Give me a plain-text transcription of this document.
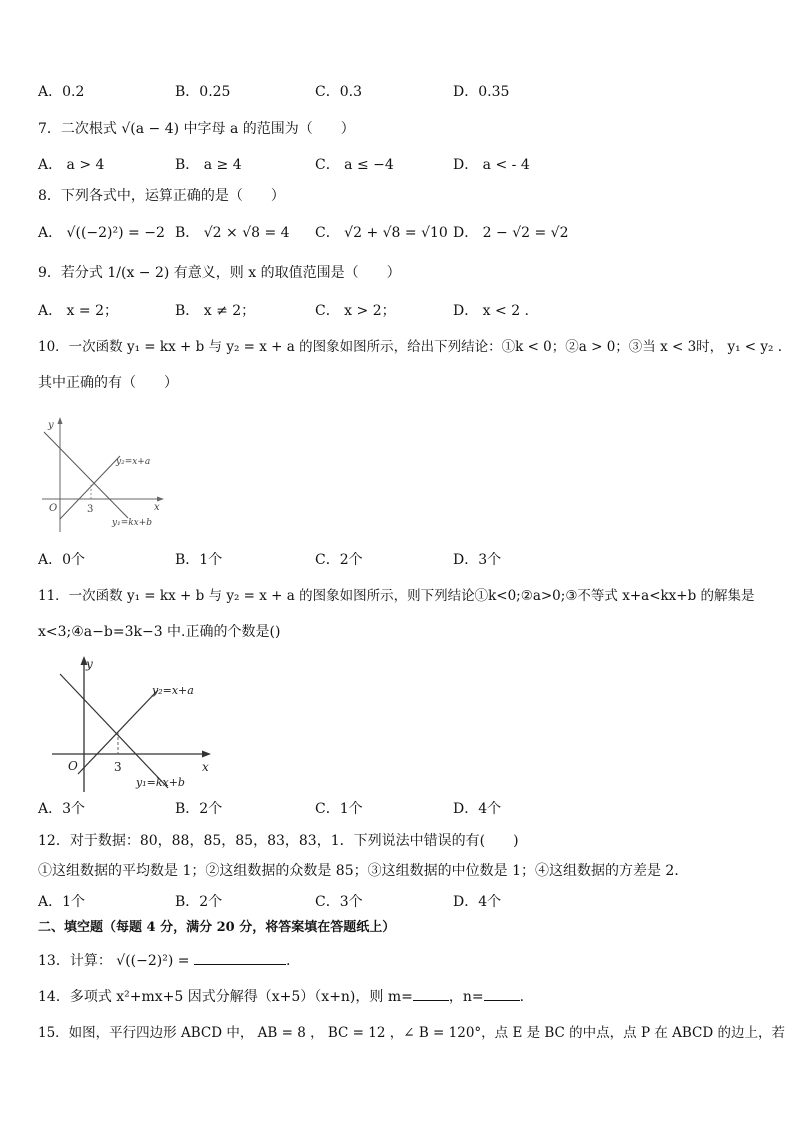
A．0.2	B．0.25	C．0.3	D．0.35
7．二次根式 √(a − 4) 中字母 a 的范围为（　　）
A． a > 4	B． a ≥ 4	C． a ≤ −4	D． a < - 4
8．下列各式中，运算正确的是（　　）
A． √((−2)²) = −2 B． √2 × √8 = 4 C． √2 + √8 = √10 D． 2 − √2 = √2
9．若分式 1/(x − 2) 有意义，则 x 的取值范围是（　　）
A． x = 2；	B． x ≠ 2；	C． x > 2；	D． x < 2 .
10．一次函数 y₁ = kx + b 与 y₂ = x + a 的图象如图所示，给出下列结论：①k < 0；②a > 0；③当 x < 3时， y₁ < y₂ .
其中正确的有（　　）
y
x
O	3
y₂=x+a
y₁=kx+b
A．0个	B．1个	C．2个	D．3个
11．一次函数 y₁ = kx + b 与 y₂ = x + a 的图象如图所示，则下列结论①k<0;②a>0;③不等式 x+a<kx+b 的解集是
x<3;④a−b=3k−3 中.正确的个数是()
y
x
O	3
y₂=x+a
y₁=kx+b
A．3个	B．2个	C．1个	D．4个
12．对于数据：80，88，85，85，83，83，1．下列说法中错误的有(　　)
①这组数据的平均数是 1；②这组数据的众数是 85；③这组数据的中位数是 1；④这组数据的方差是 2．
A．1个	B．2个	C．3个	D．4个
二、填空题（每题 4 分，满分 20 分，将答案填在答题纸上）
13．计算： √((−2)²) =	.
14．多项式 x²+mx+5 因式分解得（x+5）（x+n)，则 m=	，n=	.
15．如图，平行四边形 ABCD 中， AB = 8 ， BC = 12 ，∠ B = 120°，点 E 是 BC 的中点，点 P 在 ABCD 的边上，若
